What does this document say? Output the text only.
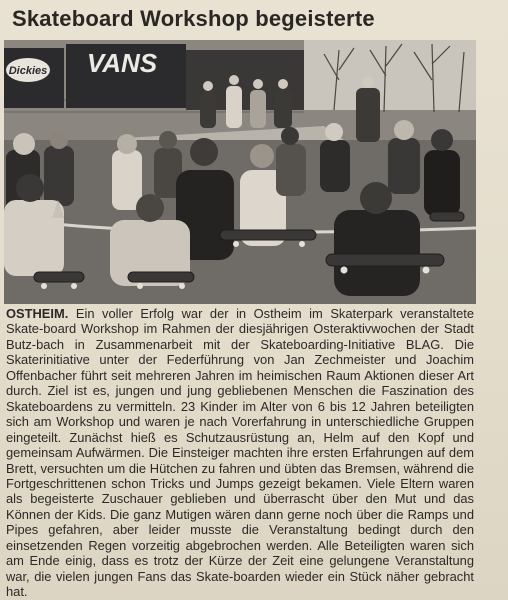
Skateboard Workshop begeisterte
Dickies VANS
OSTHEIM. Ein voller Erfolg war der in Ostheim im Skaterpark veranstaltete Skate-board Workshop im Rahmen der diesjährigen Osteraktivwochen der Stadt Butz-bach in Zusammenarbeit mit der Skateboarding-Initiative BLAG. Die Skaterinitiative unter der Federführung von Jan Zechmeister und Joachim Offenbacher führt seit mehreren Jahren im heimischen Raum Aktionen dieser Art durch. Ziel ist es, jungen und jung gebliebenen Menschen die Faszination des Skateboardens zu vermitteln. 23 Kinder im Alter von 6 bis 12 Jahren beteiligten sich am Workshop und waren je nach Vorerfahrung in unterschiedliche Gruppen eingeteilt. Zunächst hieß es Schutzausrüstung an, Helm auf den Kopf und gemeinsam Aufwärmen. Die Einsteiger machten ihre ersten Erfahrungen auf dem Brett, versuchten um die Hütchen zu fahren und übten das Bremsen, während die Fortgeschrittenen schon Tricks und Jumps gezeigt bekamen. Viele Eltern waren als begeisterte Zuschauer geblieben und überrascht über den Mut und das Können der Kids. Die ganz Mutigen wären dann gerne noch über die Ramps und Pipes gefahren, aber leider musste die Veranstaltung bedingt durch den einsetzenden Regen vorzeitig abgebrochen werden. Alle Beteiligten waren sich am Ende einig, dass es trotz der Kürze der Zeit eine gelungene Veranstaltung war, die vielen jungen Fans das Skate-boarden wieder ein Stück näher gebracht hat.
